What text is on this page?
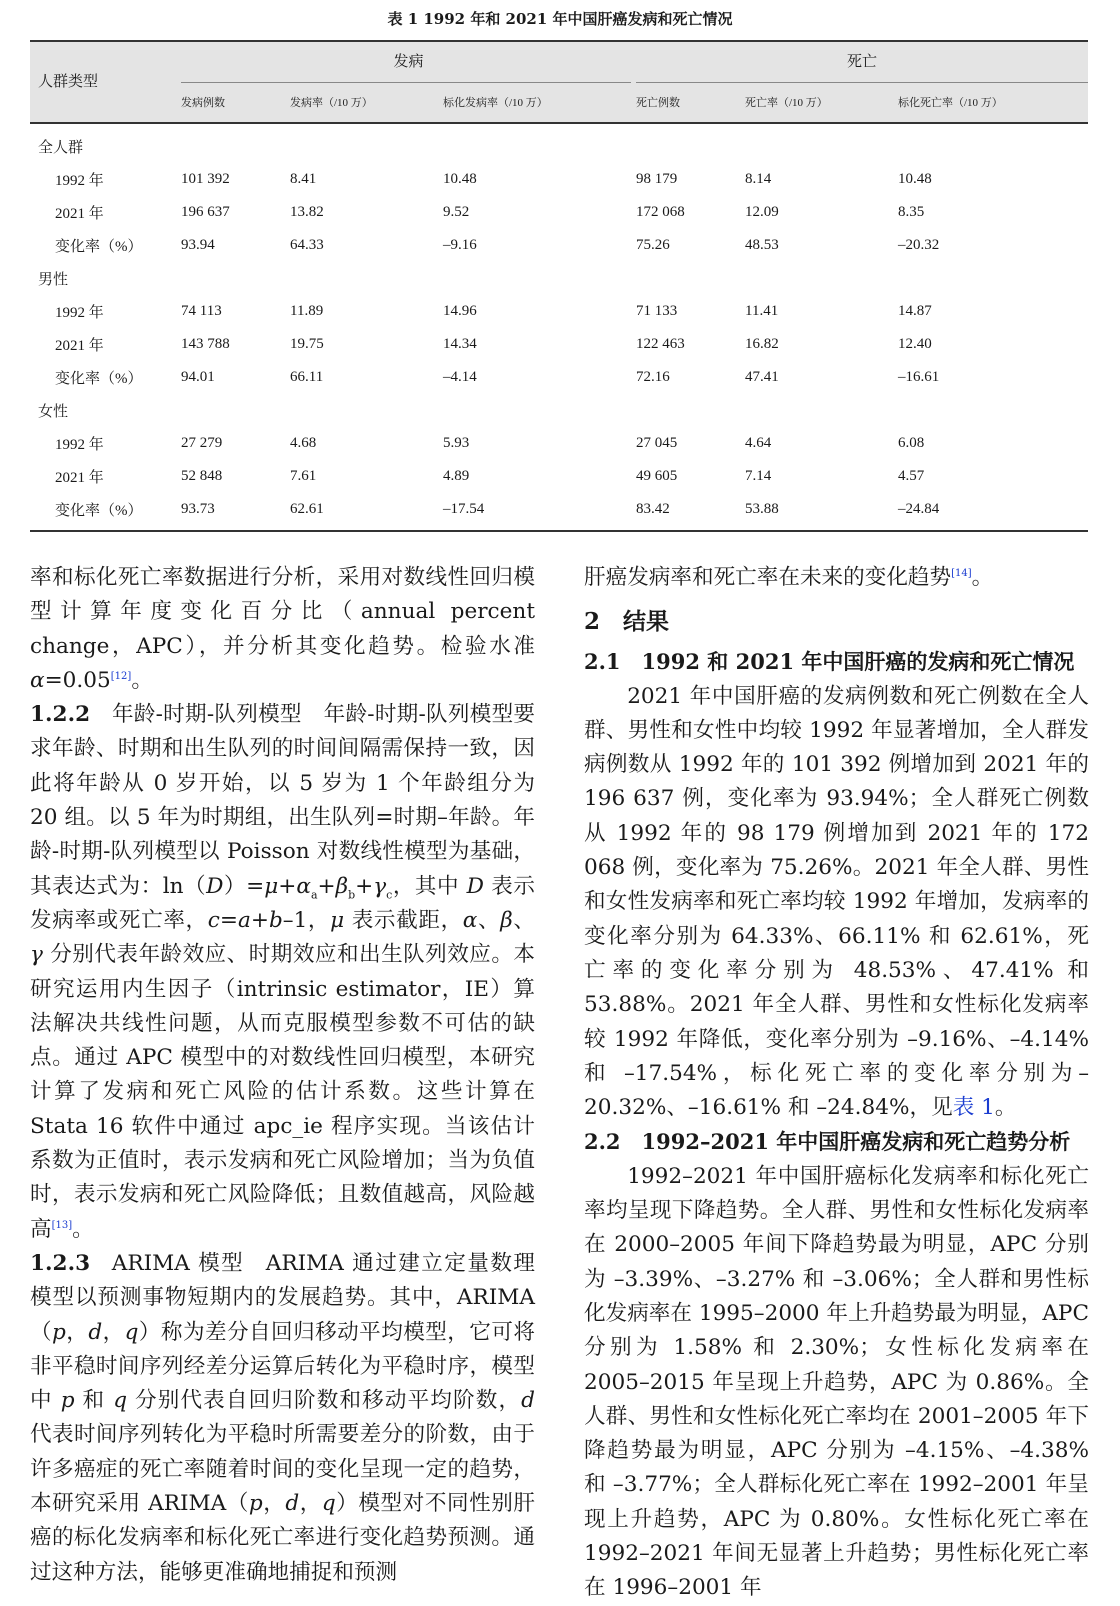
表 1 1992 年和 2021 年中国肝癌发病和死亡情况
人群类型
发病	死亡
发病例数	发病率（/10 万）	标化发病率（/10 万）	死亡例数	死亡率（/10 万）	标化死亡率（/10 万）
全人群						
1992 年	101 392	8.41	10.48	98 179	8.14	10.48
2021 年	196 637	13.82	9.52	172 068	12.09	8.35
变化率（%）	93.94	64.33	–9.16	75.26	48.53	–20.32
男性						
1992 年	74 113	11.89	14.96	71 133	11.41	14.87
2021 年	143 788	19.75	14.34	122 463	16.82	12.40
变化率（%）	94.01	66.11	–4.14	72.16	47.41	–16.61
女性						
1992 年	27 279	4.68	5.93	27 045	4.64	6.08
2021 年	52 848	7.61	4.89	49 605	7.14	4.57
变化率（%）	93.73	62.61	–17.54	83.42	53.88	–24.84

率和标化死亡率数据进行分析，采用对数线性回归模型计算年度变化百分比（annual percent change，APC），并分析其变化趋势。检验水准 α=0.05[12]。

1.2.2 年龄-时期-队列模型 年龄-时期-队列模型要求年龄、时期和出生队列的时间间隔需保持一致，因此将年龄从 0 岁开始，以 5 岁为 1 个年龄组分为 20 组。以 5 年为时期组，出生队列=时期–年龄。年龄-时期-队列模型以 Poisson 对数线性模型为基础，其表达式为：$\ln(D)=\mu+\alpha_a+\beta_b+\gamma_c$，其中 D 表示发病率或死亡率，c=a+b–1，μ 表示截距，α、β、γ 分别代表年龄效应、时期效应和出生队列效应。本研究运用内生因子（intrinsic estimator，IE）算法解决共线性问题，从而克服模型参数不可估的缺点。通过 APC 模型中的对数线性回归模型，本研究计算了发病和死亡风险的估计系数。这些计算在 Stata 16 软件中通过 apc_ie 程序实现。当该估计系数为正值时，表示发病和死亡风险增加；当为负值时，表示发病和死亡风险降低；且数值越高，风险越高[13]。

1.2.3 ARIMA 模型 ARIMA 通过建立定量数理模型以预测事物短期内的发展趋势。其中，ARIMA（p，d，q）称为差分自回归移动平均模型，它可将非平稳时间序列经差分运算后转化为平稳时序，模型中 p 和 q 分别代表自回归阶数和移动平均阶数，d 代表时间序列转化为平稳时所需要差分的阶数，由于许多癌症的死亡率随着时间的变化呈现一定的趋势，本研究采用 ARIMA（p，d，q）模型对不同性别肝癌的标化发病率和标化死亡率进行变化趋势预测。通过这种方法，能够更准确地捕捉和预测

肝癌发病率和死亡率在未来的变化趋势[14]。

2 结果
2.1 1992 和 2021 年中国肝癌的发病和死亡情况

2021 年中国肝癌的发病例数和死亡例数在全人群、男性和女性中均较 1992 年显著增加，全人群发病例数从 1992 年的 101 392 例增加到 2021 年的 196 637 例，变化率为 93.94%；全人群死亡例数从 1992 年的 98 179 例增加到 2021 年的 172 068 例，变化率为 75.26%。2021 年全人群、男性和女性发病率和死亡率均较 1992 年增加，发病率的变化率分别为 64.33%、66.11% 和 62.61%，死亡率的变化率分别为 48.53%、47.41% 和 53.88%。2021 年全人群、男性和女性标化发病率较 1992 年降低，变化率分别为 –9.16%、–4.14% 和 –17.54%，标化死亡率的变化率分别为–20.32%、–16.61% 和 –24.84%，见表 1。

2.2 1992–2021 年中国肝癌发病和死亡趋势分析

1992–2021 年中国肝癌标化发病率和标化死亡率均呈现下降趋势。全人群、男性和女性标化发病率在 2000–2005 年间下降趋势最为明显，APC 分别为 –3.39%、–3.27% 和 –3.06%；全人群和男性标化发病率在 1995–2000 年上升趋势最为明显，APC 分别为 1.58% 和 2.30%；女性标化发病率在 2005–2015 年呈现上升趋势，APC 为 0.86%。全人群、男性和女性标化死亡率均在 2001–2005 年下降趋势最为明显，APC 分别为 –4.15%、–4.38% 和 –3.77%；全人群标化死亡率在 1992–2001 年呈现上升趋势，APC 为 0.80%。女性标化死亡率在 1992–2021 年间无显著上升趋势；男性标化死亡率在 1996–2001 年
